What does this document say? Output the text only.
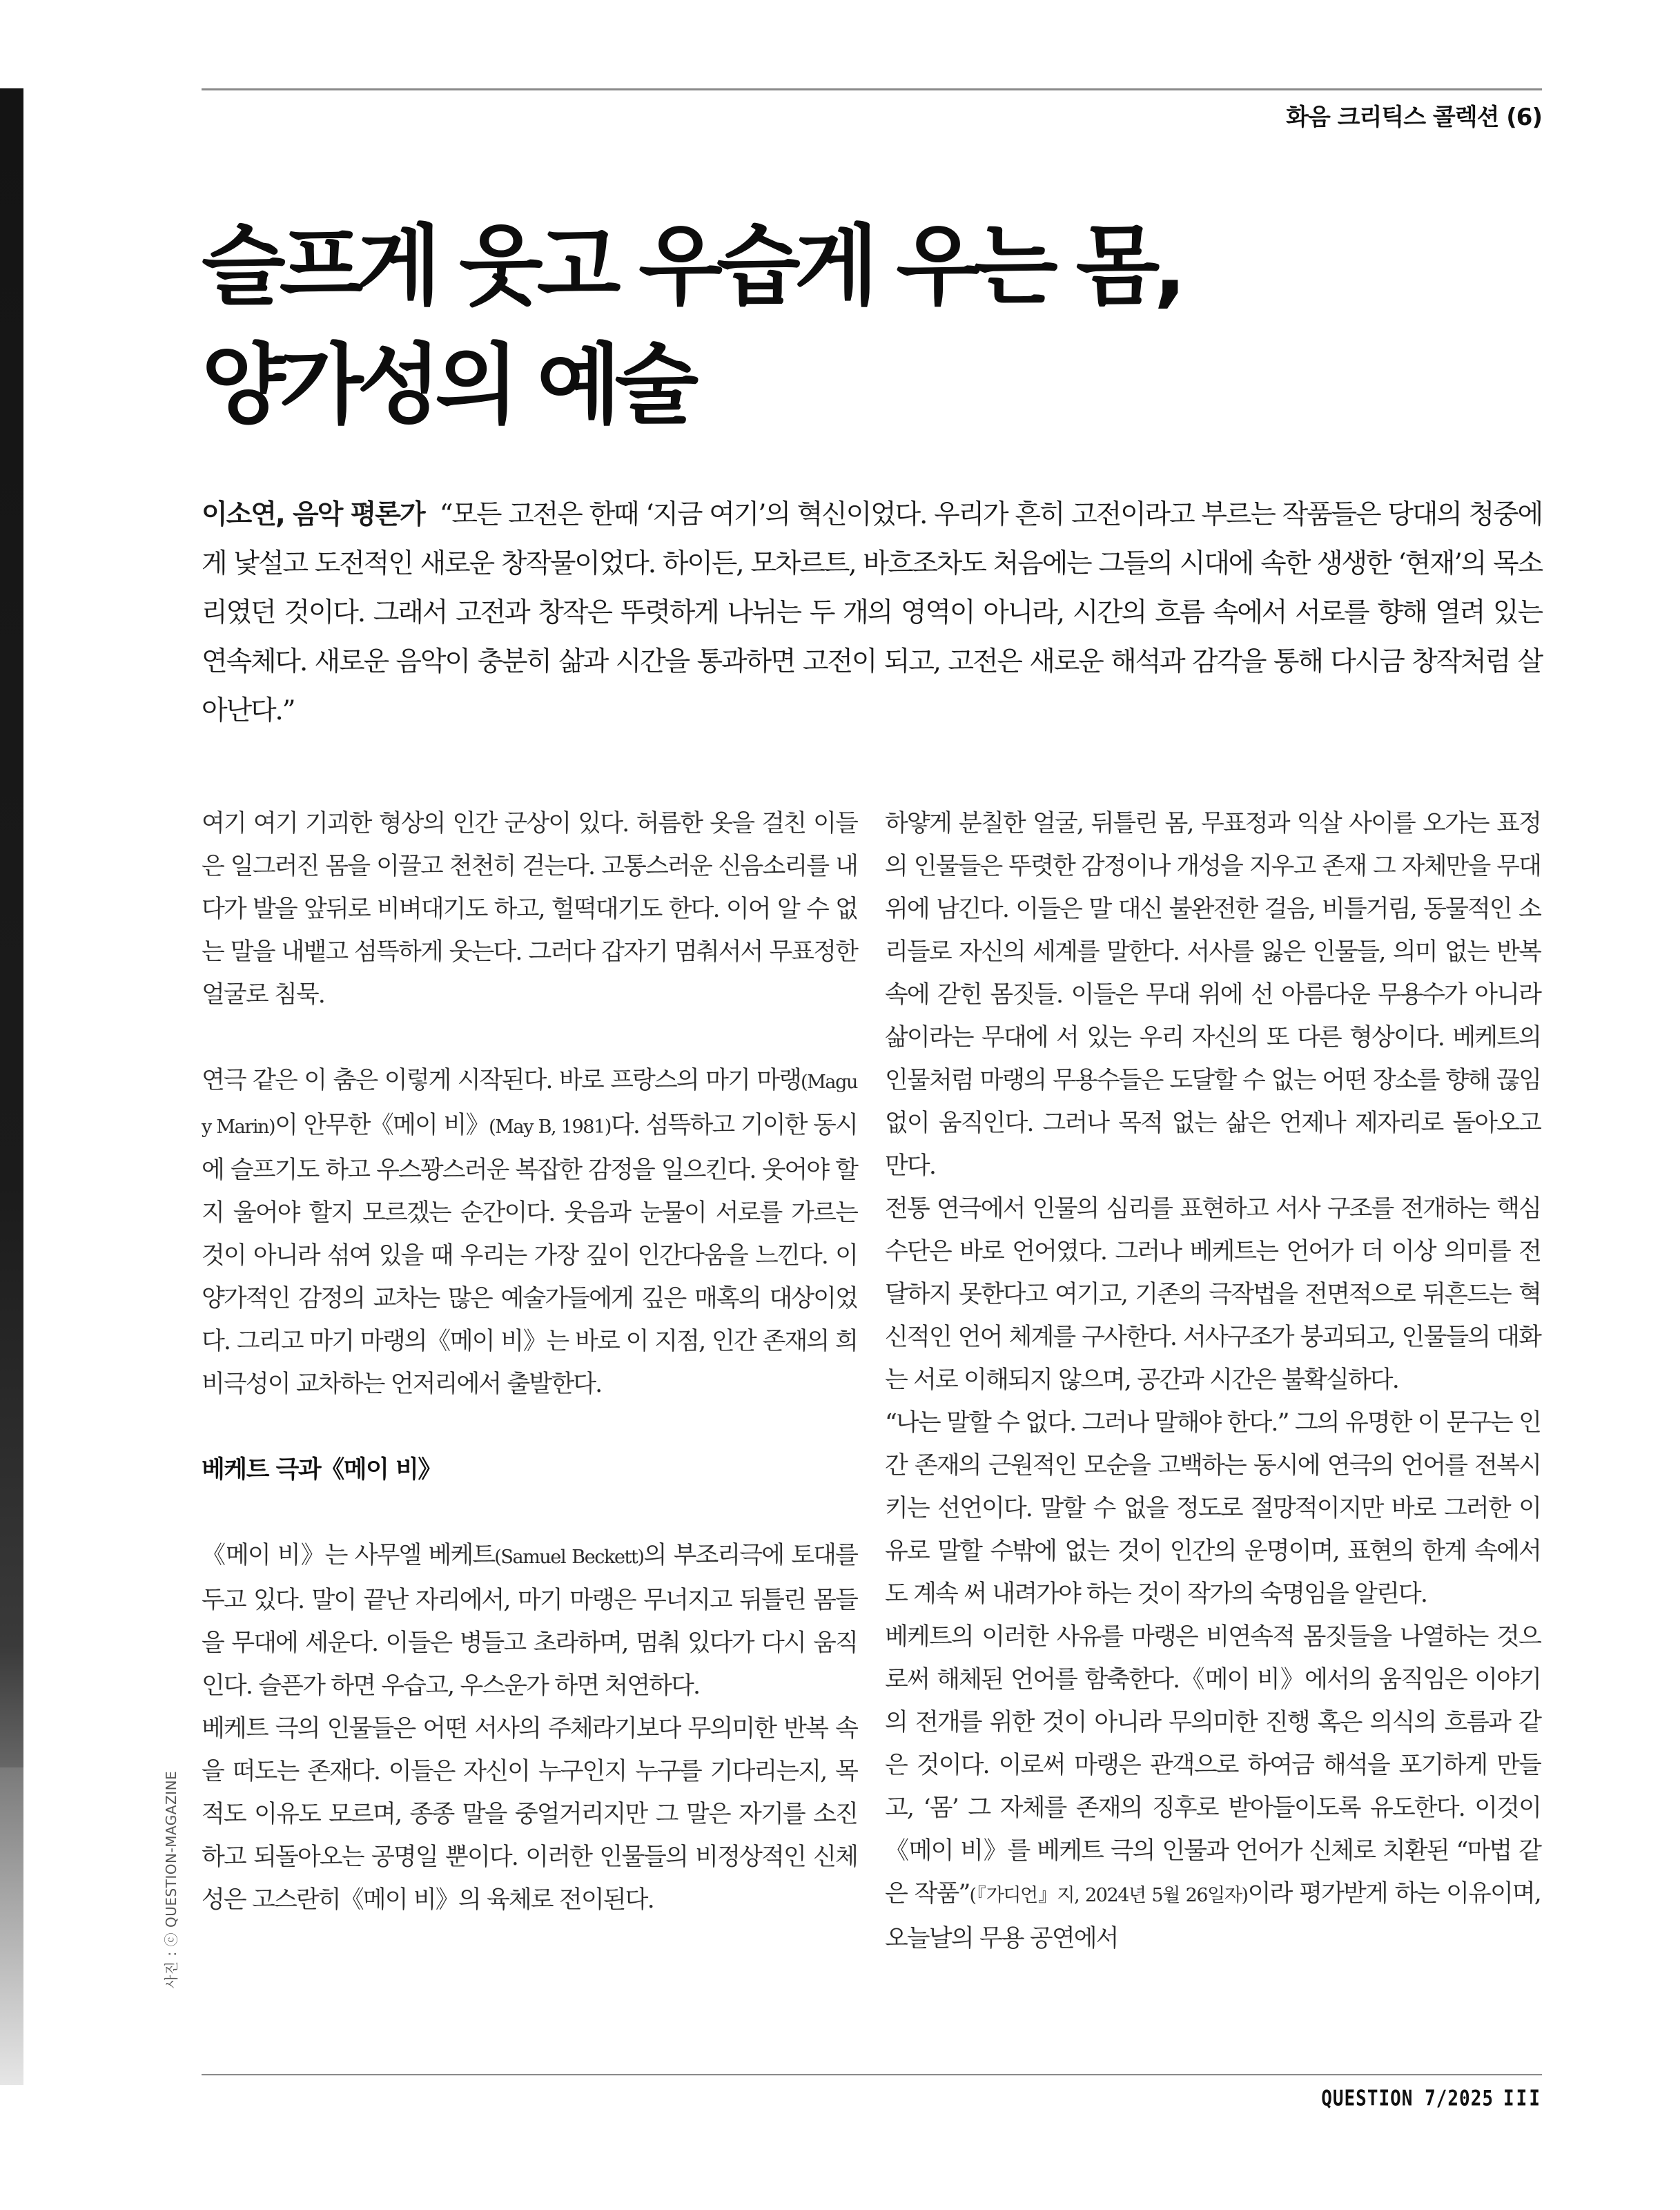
화음 크리틱스 콜렉션 (6)
슬프게 웃고 우습게 우는 몸,
양가성의 예술
이소연, 음악 평론가 “모든 고전은 한때 ‘지금 여기’의 혁신이었다. 우리가 흔히 고전이라고 부르는 작품들은 당대의 청중에게 낯설고 도전적인 새로운 창작물이었다. 하이든, 모차르트, 바흐조차도 처음에는 그들의 시대에 속한 생생한 ‘현재’의 목소리였던 것이다. 그래서 고전과 창작은 뚜렷하게 나뉘는 두 개의 영역이 아니라, 시간의 흐름 속에서 서로를 향해 열려 있는 연속체다. 새로운 음악이 충분히 삶과 시간을 통과하면 고전이 되고, 고전은 새로운 해석과 감각을 통해 다시금 창작처럼 살아난다.”

여기 여기 기괴한 형상의 인간 군상이 있다. 허름한 옷을 걸친 이들은 일그러진 몸을 이끌고 천천히 걷는다. 고통스러운 신음소리를 내다가 발을 앞뒤로 비벼대기도 하고, 헐떡대기도 한다. 이어 알 수 없는 말을 내뱉고 섬뜩하게 웃는다. 그러다 갑자기 멈춰서서 무표정한 얼굴로 침묵.

연극 같은 이 춤은 이렇게 시작된다. 바로 프랑스의 마기 마랭(Maguy Marin)이 안무한《메이 비》(May B, 1981)다. 섬뜩하고 기이한 동시에 슬프기도 하고 우스꽝스러운 복잡한 감정을 일으킨다. 웃어야 할지 울어야 할지 모르겠는 순간이다. 웃음과 눈물이 서로를 가르는 것이 아니라 섞여 있을 때 우리는 가장 깊이 인간다움을 느낀다. 이 양가적인 감정의 교차는 많은 예술가들에게 깊은 매혹의 대상이었다. 그리고 마기 마랭의《메이 비》는 바로 이 지점, 인간 존재의 희비극성이 교차하는 언저리에서 출발한다.

베케트 극과《메이 비》

《메이 비》는 사무엘 베케트(Samuel Beckett)의 부조리극에 토대를 두고 있다. 말이 끝난 자리에서, 마기 마랭은 무너지고 뒤틀린 몸들을 무대에 세운다. 이들은 병들고 초라하며, 멈춰 있다가 다시 움직인다. 슬픈가 하면 우습고, 우스운가 하면 처연하다.

베케트 극의 인물들은 어떤 서사의 주체라기보다 무의미한 반복 속을 떠도는 존재다. 이들은 자신이 누구인지 누구를 기다리는지, 목적도 이유도 모르며, 종종 말을 중얼거리지만 그 말은 자기를 소진하고 되돌아오는 공명일 뿐이다. 이러한 인물들의 비정상적인 신체성은 고스란히《메이 비》의 육체로 전이된다.

하얗게 분칠한 얼굴, 뒤틀린 몸, 무표정과 익살 사이를 오가는 표정의 인물들은 뚜렷한 감정이나 개성을 지우고 존재 그 자체만을 무대 위에 남긴다. 이들은 말 대신 불완전한 걸음, 비틀거림, 동물적인 소리들로 자신의 세계를 말한다. 서사를 잃은 인물들, 의미 없는 반복 속에 갇힌 몸짓들. 이들은 무대 위에 선 아름다운 무용수가 아니라 삶이라는 무대에 서 있는 우리 자신의 또 다른 형상이다. 베케트의 인물처럼 마랭의 무용수들은 도달할 수 없는 어떤 장소를 향해 끊임없이 움직인다. 그러나 목적 없는 삶은 언제나 제자리로 돌아오고 만다.

전통 연극에서 인물의 심리를 표현하고 서사 구조를 전개하는 핵심 수단은 바로 언어였다. 그러나 베케트는 언어가 더 이상 의미를 전달하지 못한다고 여기고, 기존의 극작법을 전면적으로 뒤흔드는 혁신적인 언어 체계를 구사한다. 서사구조가 붕괴되고, 인물들의 대화는 서로 이해되지 않으며, 공간과 시간은 불확실하다.

“나는 말할 수 없다. 그러나 말해야 한다.” 그의 유명한 이 문구는 인간 존재의 근원적인 모순을 고백하는 동시에 연극의 언어를 전복시키는 선언이다. 말할 수 없을 정도로 절망적이지만 바로 그러한 이유로 말할 수밖에 없는 것이 인간의 운명이며, 표현의 한계 속에서도 계속 써 내려가야 하는 것이 작가의 숙명임을 알린다.

베케트의 이러한 사유를 마랭은 비연속적 몸짓들을 나열하는 것으로써 해체된 언어를 함축한다.《메이 비》에서의 움직임은 이야기의 전개를 위한 것이 아니라 무의미한 진행 혹은 의식의 흐름과 같은 것이다. 이로써 마랭은 관객으로 하여금 해석을 포기하게 만들고, ‘몸’ 그 자체를 존재의 징후로 받아들이도록 유도한다. 이것이《메이 비》를 베케트 극의 인물과 언어가 신체로 치환된 “마법 같은 작품”(『가디언』지, 2024년 5월 26일자)이라 평가받게 하는 이유이며, 오늘날의 무용 공연에서

사진 : ⓒ QUESTION-MAGAZINE
QUESTION 7/2025 III
